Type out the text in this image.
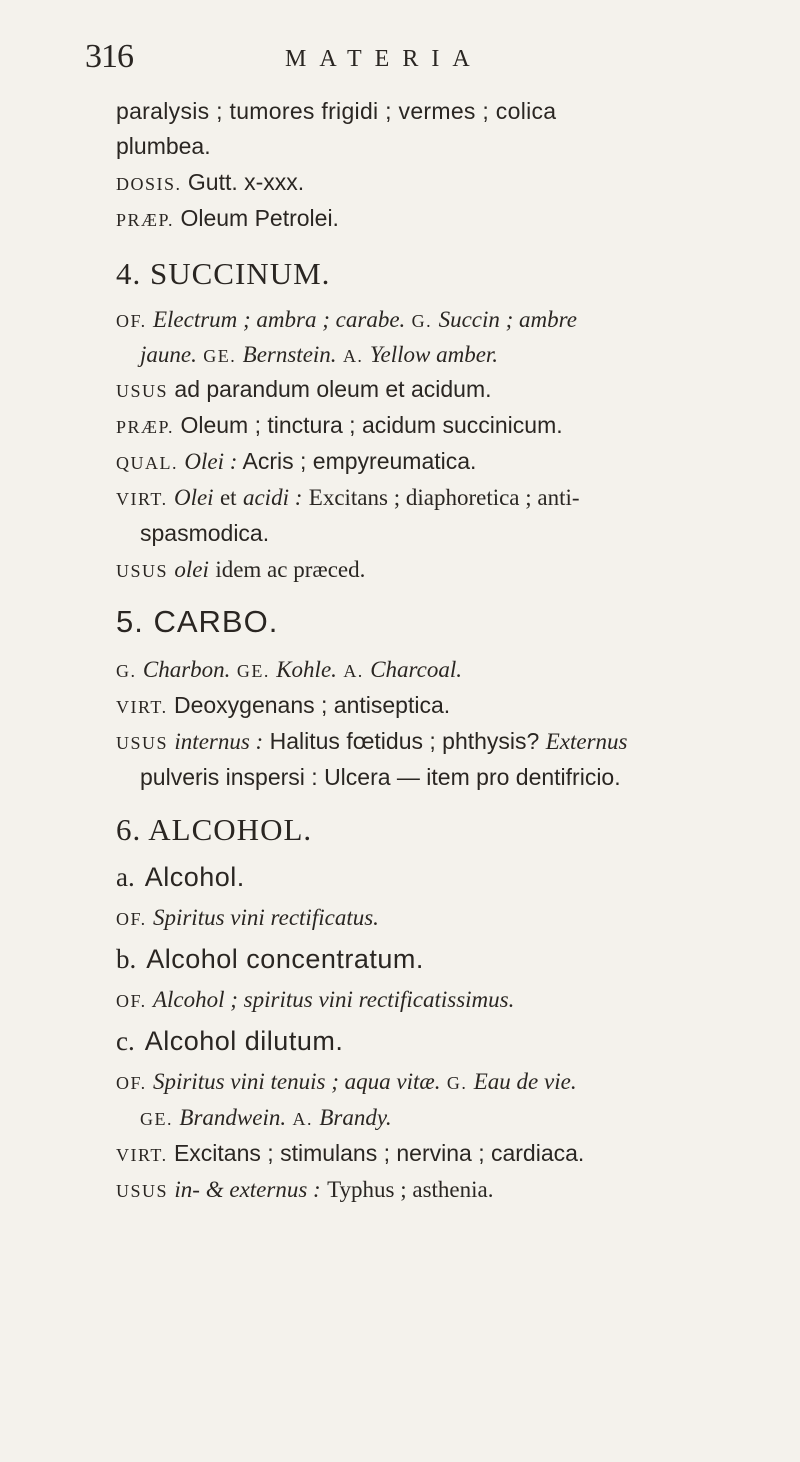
316	MATERIA
paralysis ; tumores frigidi ; vermes ; colica
plumbea.
DOSIS. Gutt. x-xxx.
PRÆP. Oleum Petrolei.
4. SUCCINUM.
OF. Electrum ; ambra ; carabe. G. Succin ; ambre
jaune. GE. Bernstein. A. Yellow amber.
USUS ad parandum oleum et acidum.
PRÆP. Oleum ; tinctura ; acidum succinicum.
QUAL. Olei : Acris ; empyreumatica.
VIRT. Olei et acidi : Excitans ; diaphoretica ; anti-
spasmodica.
USUS olei idem ac præced.
5. CARBO.
G. Charbon. GE. Kohle. A. Charcoal.
VIRT. Deoxygenans ; antiseptica.
USUS internus : Halitus fœtidus ; phthysis? Externus
pulveris inspersi : Ulcera — item pro dentifricio.
6. ALCOHOL.
a. Alcohol.
OF. Spiritus vini rectificatus.
b. Alcohol concentratum.
OF. Alcohol ; spiritus vini rectificatissimus.
c. Alcohol dilutum.
OF. Spiritus vini tenuis ; aqua vitæ. G. Eau de vie.
GE. Brandwein. A. Brandy.
VIRT. Excitans ; stimulans ; nervina ; cardiaca.
USUS in- & externus : Typhus ; asthenia.
